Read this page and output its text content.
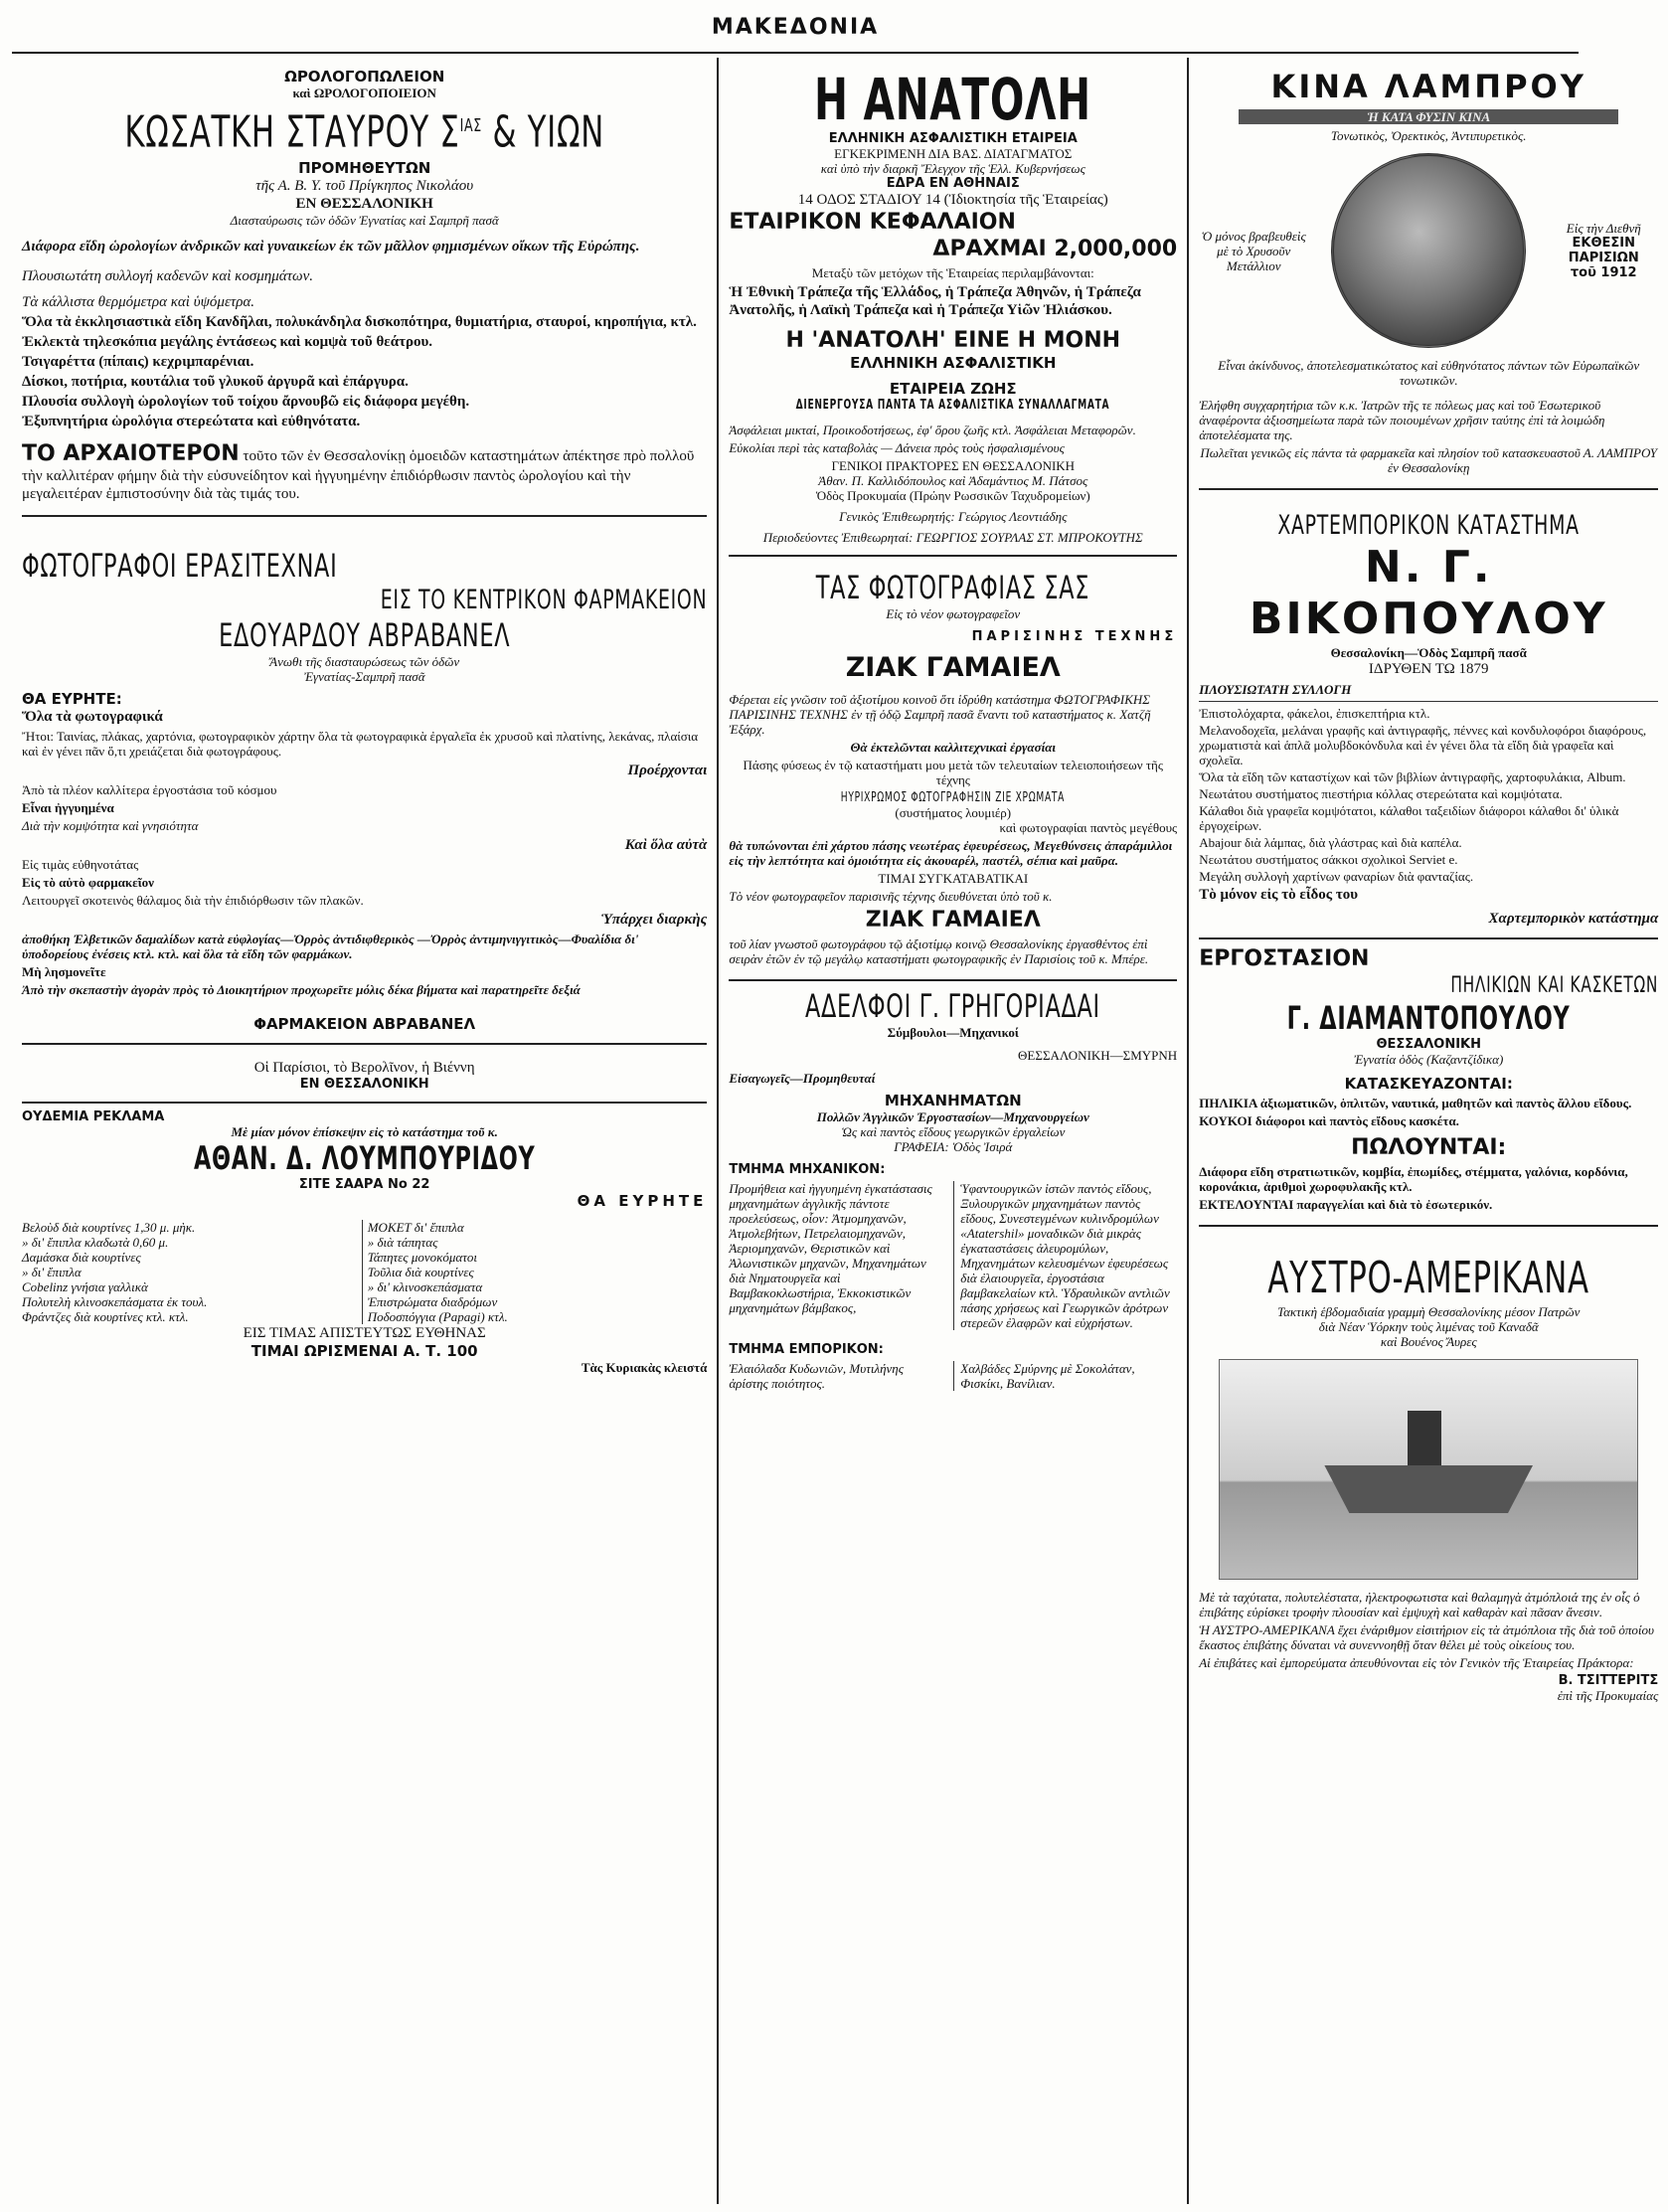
ΜΑΚΕΔΟΝΙΑ
ΩΡΟΛΟΓΟΠΩΛΕΙΟΝ
καὶ ΩΡΟΛΟΓΟΠΟΙΕΙΟΝ
ΚΩΣΑΤΚΗ ΣΤΑΥΡΟΥ $\Sigma^{IA\Sigma}$ & ΥΙΩΝ
ΠΡΟΜΗΘΕΥΤΩΝ
τῆς Α. Β. Υ. τοῦ Πρίγκηπος Νικολάου
ΕΝ ΘΕΣΣΑΛΟΝΙΚΗ
Διασταύρωσις τῶν ὁδῶν Ἐγνατίας καὶ Σαμπρῆ πασᾶ

Διάφορα εἴδη ὡρολογίων ἀνδρικῶν καὶ γυναικείων ἐκ τῶν μᾶλλον φημισμένων οἴκων τῆς Εὐρώπης.

Πλουσιωτάτη συλλογή καδενῶν καὶ κοσμημάτων.

Τὰ κάλλιστα θερμόμετρα καὶ ὑψόμετρα.

Ὅλα τὰ ἐκκλησιαστικὰ εἴδη Κανδῆλαι, πολυκάνδηλα δισκοπότηρα, θυμιατήρια, σταυροί, κηροπήγια, κτλ.

Ἐκλεκτὰ τηλεσκόπια μεγάλης ἐντάσεως καὶ κομψὰ τοῦ θεάτρου.

Τσιγαρέττα (πίπαις) κεχριμπαρένιαι.

Δίσκοι, ποτήρια, κουτάλια τοῦ γλυκοῦ ἀργυρᾶ καὶ ἐπάργυρα.

Πλουσία συλλογὴ ὡρολογίων τοῦ τοίχου ἄρνουβῶ εἰς διάφορα μεγέθη.

Ἐξυπνητήρια ὡρολόγια στερεώτατα καὶ εὐθηνότατα.

ΤΟ ΑΡΧΑΙΟΤΕΡΟΝ τοῦτο τῶν ἐν Θεσσαλονίκῃ ὁμοειδῶν καταστημάτων ἀπέκτησε πρὸ πολλοῦ τὴν καλλιτέραν φήμην διὰ τὴν εὐσυνείδητον καὶ ἠγγυημένην ἐπιδιόρθωσιν παντὸς ὡρολογίου καὶ τὴν μεγαλειτέραν ἐμπιστοσύνην διὰ τὰς τιμάς του.

ΦΩΤΟΓΡΑΦΟΙ ΕΡΑΣΙΤΕΧΝΑΙ
ΕΙΣ ΤΟ ΚΕΝΤΡΙΚΟΝ ΦΑΡΜΑΚΕΙΟΝ
ΕΔΟΥΑΡΔΟΥ ΑΒΡΑΒΑΝΕΛ
Ἄνωθι τῆς διασταυρώσεως τῶν ὁδῶν
Ἐγνατίας-Σαμπρῆ πασᾶ
ΘΑ ΕΥΡΗΤΕ:
Ὅλα τὰ φωτογραφικά

Ἤτοι: Ταινίας, πλάκας, χαρτόνια, φωτογραφικὸν χάρτην ὅλα τὰ φωτογραφικὰ ἐργαλεῖα ἐκ χρυσοῦ καὶ πλατίνης, λεκάνας, πλαίσια καὶ ἐν γένει πᾶν ὅ,τι χρειάζεται διὰ φωτογράφους.

Προέρχονται

Ἀπὸ τὰ πλέον καλλίτερα ἐργοστάσια τοῦ κόσμου

Εἶναι ἠγγυημένα

Διὰ τὴν κομψότητα καὶ γνησιότητα

Καὶ ὅλα αὐτὰ

Εἰς τιμὰς εὐθηνοτάτας

Εἰς τὸ αὐτὸ φαρμακεῖον

Λειτουργεῖ σκοτεινὸς θάλαμος διὰ τὴν ἐπιδιόρθωσιν τῶν πλακῶν.

Ὑπάρχει διαρκὴς

ἀποθήκη Ἐλβετικῶν δαμαλίδων κατὰ εὐφλογίας—Ὀρρὸς ἀντιδιφθερικὸς —Ὀρρὸς ἀντιμηνιγγιτικὸς—Φυαλίδια δι' ὑποδορείους ἐνέσεις κτλ. κτλ. καὶ ὅλα τὰ εἴδη τῶν φαρμάκων.

Μὴ λησμονεῖτε

Ἀπὸ τὴν σκεπαστὴν ἀγορὰν πρὸς τὸ Διοικητήριον πρoχωρεῖτε μόλις δέκα βήματα καὶ παρατηρεῖτε δεξιά

ΦΑΡΜΑΚΕΙΟΝ ΑΒΡΑΒΑΝΕΛ
Οἱ Παρίσιοι, τὸ Βερολῖνον, ἡ Βιέννη
ΕΝ ΘΕΣΣΑΛΟΝΙΚΗ
ΟΥΔΕΜΙΑ ΡΕΚΛΑΜΑ
Μὲ μίαν μόνον ἐπίσκεψιν εἰς τὸ κατάστημα τοῦ κ.
ΑΘΑΝ. Δ. ΛΟΥΜΠΟΥΡΙΔΟΥ
ΣΙΤΕ ΣΑΑΡΑ Νο 22
ΘΑ ΕΥΡΗΤΕ
Βελοὺδ διὰ κουρτίνες 1,30 μ. μὴκ.
» δι' ἔπιπλα κλαδωτὰ 0,60 μ.
Δαμάσκα διὰ κουρτίνες
» δι' ἔπιπλα
Cobelinz γνήσια γαλλικὰ
Πολυτελὴ κλινοσκεπάσματα ἐκ τουλ.
Φράντζες διὰ κουρτίνες κτλ. κτλ.
ΜΟΚΕΤ δι' ἔπιπλα
» διὰ τάπητας
Τάπητες μονοκόματοι
Τοῦλια διὰ κουρτίνες
» δι' κλινοσκεπάσματα
Ἐπιστρώματα διαδρόμων
Ποδοσπόγγια (Papagi) κτλ.
ΕΙΣ ΤΙΜΑΣ ΑΠΙΣΤΕΥΤΩΣ ΕΥΘΗΝΑΣ
ΤΙΜΑΙ ΩΡΙΣΜΕΝΑΙ Α. Τ. 100
Τὰς Κυριακὰς κλειστά
Η ΑΝΑΤΟΛΗ
ΕΛΛΗΝΙΚΗ ΑΣΦΑΛΙΣΤΙΚΗ ΕΤΑΙΡΕΙΑ
ΕΓΚΕΚΡΙΜΕΝΗ ΔΙΑ ΒΑΣ. ΔΙΑΤΑΓΜΑΤΟΣ
καὶ ὑπὸ τὴν διαρκῆ Ἔλεγχον τῆς Ἑλλ. Κυβερνήσεως
ΕΔΡΑ ΕΝ ΑΘΗΝΑΙΣ
14 ΟΔΟΣ ΣΤΑΔΙΟΥ 14 (Ἰδιοκτησία τῆς Ἑταιρείας)
ΕΤΑΙΡΙΚΟΝ ΚΕΦΑΛΑΙΟΝ
ΔΡΑΧΜΑΙ 2,000,000

Μεταξὺ τῶν μετόχων τῆς Ἑταιρείας περιλαμβάνονται:

Ἡ Ἐθνικὴ Τράπεζα τῆς Ἑλλάδος, ἡ Τράπεζα Ἀθηνῶν, ἡ Τράπεζα Ἀνατολῆς, ἡ Λαϊκὴ Τράπεζα καὶ ἡ Τράπεζα Υἱῶν Ἠλιάσκου.

Η 'ΑΝΑΤΟΛΗ' ΕΙΝΕ Η ΜΟΝΗ
ΕΛΛΗΝΙΚΗ ΑΣΦΑΛΙΣΤΙΚΗ
ΕΤΑΙΡΕΙΑ ΖΩΗΣ
ΔΙΕΝΕΡΓΟΥΣΑ ΠΑΝΤΑ ΤΑ ΑΣΦΑΛΙΣΤΙΚΑ ΣΥΝΑΛΛΑΓΜΑΤΑ

Ἀσφάλειαι μικταί, Προικοδοτήσεως, ἐφ' ὅρου ζωῆς κτλ. Ἀσφάλειαι Μεταφορῶν.

Εὐκολίαι περὶ τὰς καταβολὰς — Δάνεια πρὸς τοὺς ἠσφαλισμένους

ΓΕΝΙΚΟΙ ΠΡΑΚΤΟΡΕΣ ΕΝ ΘΕΣΣΑΛΟΝΙΚΗ
Ἀθαν. Π. Καλλιδόπουλος καὶ Ἀδαμάντιος Μ. Πάτσος
Ὁδὸς Προκυμαία (Πρώην Ρωσσικῶν Ταχυδρομείων)
Γενικὸς Ἐπιθεωρητής: Γεώργιος Λεοντιάδης
Περιοδεύοντες Ἐπιθεωρηταί: ΓΕΩΡΓΙΟΣ ΣΟΥΡΛΑΣ ΣΤ. ΜΠΡΟΚΟΥΤΗΣ
ΤΑΣ ΦΩΤΟΓΡΑΦΙΑΣ ΣΑΣ
Εἰς τὸ νέον φωτογραφεῖον
ΠΑΡΙΣΙΝΗΣ ΤΕΧΝΗΣ
ΖΙΑΚ ΓΑΜΑΙΕΛ

Φέρεται εἰς γνῶσιν τοῦ ἀξιοτίμου κοινοῦ ὅτι ἱδρύθη κατάστημα ΦΩΤΟΓΡΑΦΙΚΗΣ ΠΑΡΙΣΙΝΗΣ ΤΕΧΝΗΣ ἐν τῇ ὁδῷ Σαμπρῆ πασᾶ ἔναντι τοῦ καταστήματος κ. Χατζῆ Ἐξάρχ.

Θὰ ἐκτελῶνται καλλιτεχνικαὶ ἐργασίαι

Πάσης φύσεως ἐν τῷ καταστήματι μου μετὰ τῶν τελευταίων τελειοποιήσεων τῆς τέχνης

ΗΥΡΙΧΡΩΜΟΣ ΦΩΤΟΓΡΑΦΗΣΙΝ ΖΙΕ ΧΡΩΜΑΤΑ
(συστήματος λουμιέρ)
καὶ φωτογραφίαι παντὸς μεγέθους

θὰ τυπώνονται ἐπὶ χάρτου πάσης νεωτέρας ἐφευρέσεως, Μεγεθύνσεις ἀπαράμιλλοι εἰς τὴν λεπτότητα καὶ ὁμοιότητα εἰς ἀκουαρέλ, παστέλ, σέπια καὶ μαῦρα.

ΤΙΜΑΙ ΣΥΓΚΑΤΑΒΑΤΙΚΑΙ

Τὸ νέον φωτογραφεῖον παρισινῆς τέχνης διευθύνεται ὑπὸ τοῦ κ.

ΖΙΑΚ ΓΑΜΑΙΕΛ

τοῦ λίαν γνωστοῦ φωτογράφου τῷ ἀξιοτίμῳ κοινῷ Θεσσαλονίκης ἐργασθέντος ἐπὶ σειρὰν ἐτῶν ἐν τῷ μεγάλῳ καταστήματι φωτογραφικῆς ἐν Παρισίοις τοῦ κ. Μπέρε.

ΑΔΕΛΦΟΙ Γ. ΓΡΗΓΟΡΙΑΔΑΙ
Σύμβουλοι—Μηχανικοί
ΘΕΣΣΑΛΟΝΙΚΗ—ΣΜΥΡΝΗ
Εἰσαγωγεῖς—Προμηθευταί
ΜΗΧΑΝΗΜΑΤΩΝ
Πολλῶν Ἀγγλικῶν Ἐργοστασίων—Μηχανουργείων
Ὡς καὶ παντὸς εἴδους γεωργικῶν ἐργαλείων
ΓΡΑΦΕΙΑ: Ὁδὸς Ἰσιρά
ΤΜΗΜΑ ΜΗΧΑΝΙΚΟΝ:
Προμήθεια καὶ ἠγγυημένη ἐγκατάστασις μηχανημάτων ἀγγλικῆς πάντοτε προελεύσεως, οἷον: Ἀτμομηχανῶν, Ἀτμολεβήτων, Πετρελαιομηχανῶν, Ἀεριομηχανῶν, Θεριστικῶν καὶ Ἀλωνιστικῶν μηχανῶν, Μηχανημάτων διὰ Νηματουργεῖα καὶ Βαμβακοκλωστήρια, Ἐκκοκιστικῶν μηχανημάτων βάμβακος,
Ὑφαντουργικῶν ἰστῶν παντὸς εἴδους, Ξυλουργικῶν μηχανημάτων παντὸς εἴδους, Συνεστεγμένων κυλινδρομύλων «Atatershil» μοναδικῶν διὰ μικρὰς ἐγκαταστάσεις ἀλευρομύλων, Μηχανημάτων κελευσμένων ἐφευρέσεως διὰ ἐλαιουργεῖα, ἐργοστάσια βαμβακελαίων κτλ. Ὑδραυλικῶν αντλιῶν πάσης χρήσεως καὶ Γεωργικῶν ἀρότρων στερεῶν ἐλαφρῶν καὶ εὐχρήστων.
ΤΜΗΜΑ ΕΜΠΟΡΙΚΟΝ:
Ἐλαιόλαδα Κυδωνιῶν, Μυτιλήνης ἀρίστης ποιότητος.
Χαλβάδες Σμύρνης μὲ Σοκολάταν, Φισκίκι, Βανίλιαν.
ΚΙΝΑ ΛΑΜΠΡΟΥ
Ἡ ΚΑΤΑ ΦΥΣΙΝ ΚΙΝΑ
Τονωτικὸς, Ὀρεκτικὸς, Ἀντιπυρετικὸς.
Ὁ μόνος βραβευθεὶς μὲ τὸ Χρυσοῦν Μετάλλιον
Εἰς τὴν Διεθνῆ
ΕΚΘΕΣΙΝ
ΠΑΡΙΣΙΩΝ
τοῦ 1912

Εἶναι ἀκίνδυνος, ἀποτελεσματικώτατος καὶ εὐθηνότατος πάντων τῶν Εὐρωπαϊκῶν τονωτικῶν.

Ἐλήφθη συγχαρητήρια τῶν κ.κ. Ἰατρῶν τῆς τε πόλεως μας καὶ τοῦ Ἐσωτερικοῦ ἀναφέροντα ἀξιοσημείωτα παρὰ τῶν ποιουμένων χρῆσιν ταύτης ἐπὶ τὰ λοιμώδη ἀποτελέσματα της.

Πωλεῖται γενικῶς εἰς πάντα τὰ φαρμακεῖα καὶ πλησίον τοῦ κατασκευαστοῦ Α. ΛΑΜΠΡΟΥ ἐν Θεσσαλονίκῃ

ΧΑΡΤΕΜΠΟΡΙΚΟΝ ΚΑΤΑΣΤΗΜΑ
Ν. Γ. ΒΙΚΟΠΟΥΛΟΥ
Θεσσαλονίκη—Ὁδὸς Σαμπρῆ πασᾶ
ΙΔΡΥΘΕΝ ΤΩ 1879
ΠΛΟΥΣΙΩΤΑΤΗ ΣΥΛΛΟΓΗ

Ἐπιστολόχαρτα, φάκελοι, ἐπισκεπτήρια κτλ.

Μελανοδοχεῖα, μελάναι γραφῆς καὶ ἀντιγραφῆς, πέννες καὶ κονδυλοφόροι διαφόρους, χρωματιστὰ καὶ ἁπλᾶ μολυβδοκόνδυλα καὶ ἐν γένει ὅλα τὰ εἴδη διὰ γραφεῖα καὶ σχολεῖα.

Ὅλα τὰ εἴδη τῶν καταστίχων καὶ τῶν βιβλίων ἀντιγραφῆς, χαρτοφυλάκια, Album.

Νεωτάτου συστήματος πιεστήρια κόλλας στερεώτατα καὶ κομψότατα.

Κάλαθοι διὰ γραφεῖα κομψότατοι, κάλαθοι ταξειδίων διάφοροι κάλαθοι δι' ὑλικὰ ἐργοχείρων.

Abajour διὰ λάμπας, διὰ γλάστρας καὶ διὰ καπέλα.

Νεωτάτου συστήματος σάκκοι σχολικοὶ Serviet e.

Μεγάλη συλλογὴ χαρτίνων φαναρίων διὰ φανταζίας.

Τὸ μόνον εἰς τὸ εἶδος του
Χαρτεμπορικὸν κατάστημα
ΕΡΓΟΣΤΑΣΙΟΝ
ΠΗΛΙΚΙΩΝ ΚΑΙ ΚΑΣΚΕΤΩΝ
Γ. ΔΙΑΜΑΝΤΟΠΟΥΛΟΥ
ΘΕΣΣΑΛΟΝΙΚΗ
Ἐγνατία ὁδὸς (Καζαντζίδικα)
ΚΑΤΑΣΚΕΥΑΖΟΝΤΑΙ:

ΠΗΛΙΚΙΑ ἀξιωματικῶν, ὁπλιτῶν, ναυτικά, μαθητῶν καὶ παντὸς ἄλλου εἴδους.

ΚΟΥΚΟΙ διάφοροι καὶ παντὸς εἴδους κασκέτα.

ΠΩΛΟΥΝΤΑΙ:

Διάφορα εἴδη στρατιωτικῶν, κομβία, ἐπωμίδες, στέμματα, γαλόνια, κορδόνια, κορονάκια, ἀριθμοὶ χωροφυλακῆς κτλ.

ΕΚΤΕΛΟΥΝΤΑΙ παραγγελίαι καὶ διὰ τὸ ἐσωτερικόν.

ΑΥΣΤΡΟ-ΑΜΕΡΙΚΑΝΑ
Τακτικὴ ἑβδομαδιαία γραμμὴ Θεσσαλονίκης μέσον Πατρῶν
διὰ Νέαν Ὑόρκην τοὺς λιμένας τοῦ Καναδᾶ
καὶ Βουένος Ἄυρες

Μὲ τὰ ταχύτατα, πολυτελέστατα, ἠλεκτροφωτιστα καὶ θαλαμηγὰ ἀτμόπλοιά της ἐν οἷς ὁ ἐπιβάτης εὑρίσκει τροφὴν πλουσίαν καὶ ἐμψυχὴ καὶ καθαρὰν καὶ πᾶσαν ἄνεσιν.

Ἡ ΑΥΣΤΡΟ-ΑΜΕΡΙΚΑΝΑ ἔχει ἐνάριθμον εἰσιτήριον εἰς τὰ ἀτμόπλοια τῆς διὰ τοῦ ὁποίου ἕκαστος ἐπιβάτης δύναται νὰ συνεννοηθῇ ὅταν θέλει μὲ τοὺς οἰκείους του.

Αἱ ἐπιβάτες καὶ ἐμπορεύματα ἀπευθύνονται εἰς τὸν Γενικὸν τῆς Ἑταιρείας Πράκτορα:

Β. ΤΣΙΤΤΕΡΙΤΣ
ἐπὶ τῆς Προκυμαίας
